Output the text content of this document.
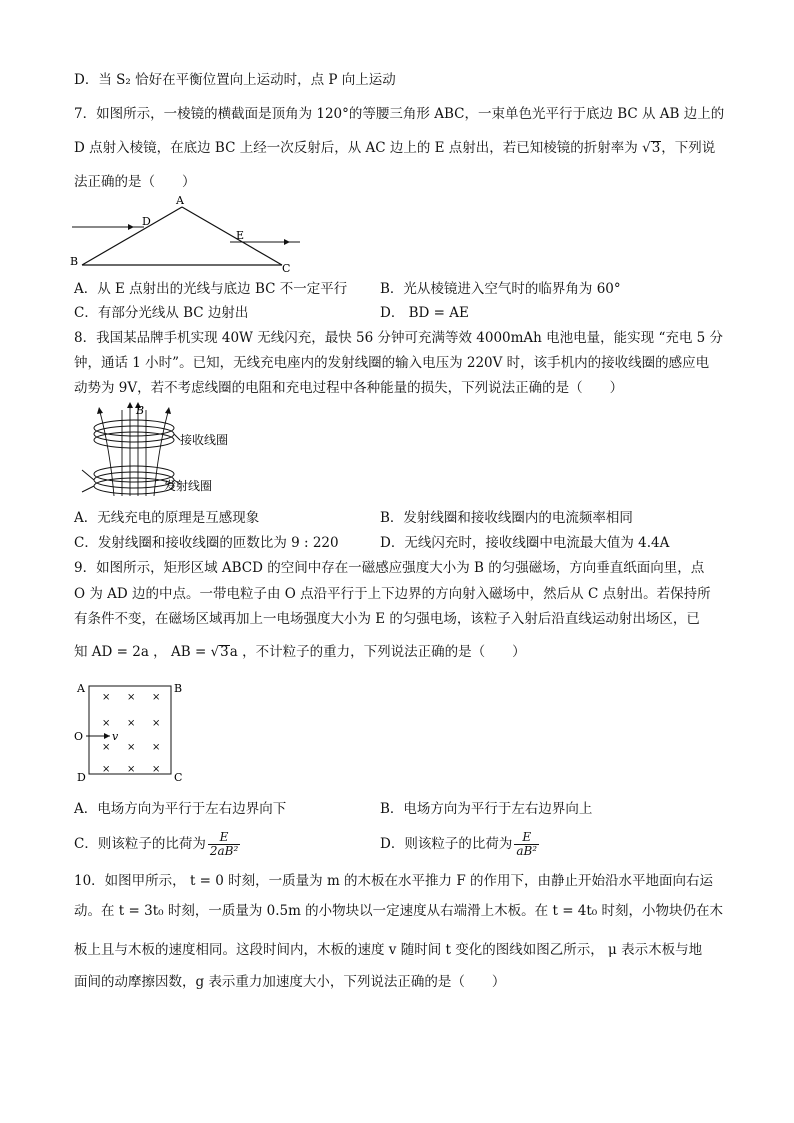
D．当 S₂ 恰好在平衡位置向上运动时，点 P 向上运动
7．如图所示，一棱镜的横截面是顶角为 120°的等腰三角形 ABC，一束单色光平行于底边 BC 从 AB 边上的
D 点射入棱镜，在底边 BC 上经一次反射后，从 AC 边上的 E 点射出，若已知棱镜的折射率为 √3，下列说
法正确的是（　　）
A
B
C
D
E
A．从 E 点射出的光线与底边 BC 不一定平行 B．光从棱镜进入空气时的临界角为 60°
C．有部分光线从 BC 边射出	D． BD = AE
8．我国某品牌手机实现 40W 无线闪充，最快 56 分钟可充满等效 4000mAh 电池电量，能实现 “充电 5 分
钟，通话 1 小时”。已知，无线充电座内的发射线圈的输入电压为 220V 时，该手机内的接收线圈的感应电
动势为 9V，若不考虑线圈的电阻和充电过程中各种能量的损失，下列说法正确的是（　　）
B
接收线圈
发射线圈
A．无线充电的原理是互感现象	B．发射线圈和接收线圈内的电流频率相同
C．发射线圈和接收线圈的匝数比为 9 : 220	D．无线闪充时，接收线圈中电流最大值为 4.4A
9．如图所示，矩形区域 ABCD 的空间中存在一磁感应强度大小为 B 的匀强磁场，方向垂直纸面向里，点
O 为 AD 边的中点。一带电粒子由 O 点沿平行于上下边界的方向射入磁场中，然后从 C 点射出。若保持所
有条件不变，在磁场区域再加上一电场强度大小为 E 的匀强电场，该粒子入射后沿直线运动射出场区，已
知 AD = 2a ， AB = √3a ，不计粒子的重力，下列说法正确的是（　　）
A	B
C
D
O	v
× × ×
× × ×
× × ×
× × ×
A．电场方向为平行于左右边界向下	B．电场方向为平行于左右边界向上
C．则该粒子的比荷为 $\frac{E}{\text{2aB²}}$	D．则该粒子的比荷为 $\frac{E}{\text{aB²}}$
10．如图甲所示， t = 0 时刻，一质量为 m 的木板在水平推力 F 的作用下，由静止开始沿水平地面向右运
动。在 t = 3t₀ 时刻，一质量为 0.5m 的小物块以一定速度从右端滑上木板。在 t = 4t₀ 时刻，小物块仍在木
板上且与木板的速度相同。这段时间内，木板的速度 v 随时间 t 变化的图线如图乙所示， μ 表示木板与地
面间的动摩擦因数，g 表示重力加速度大小，下列说法正确的是（　　）
